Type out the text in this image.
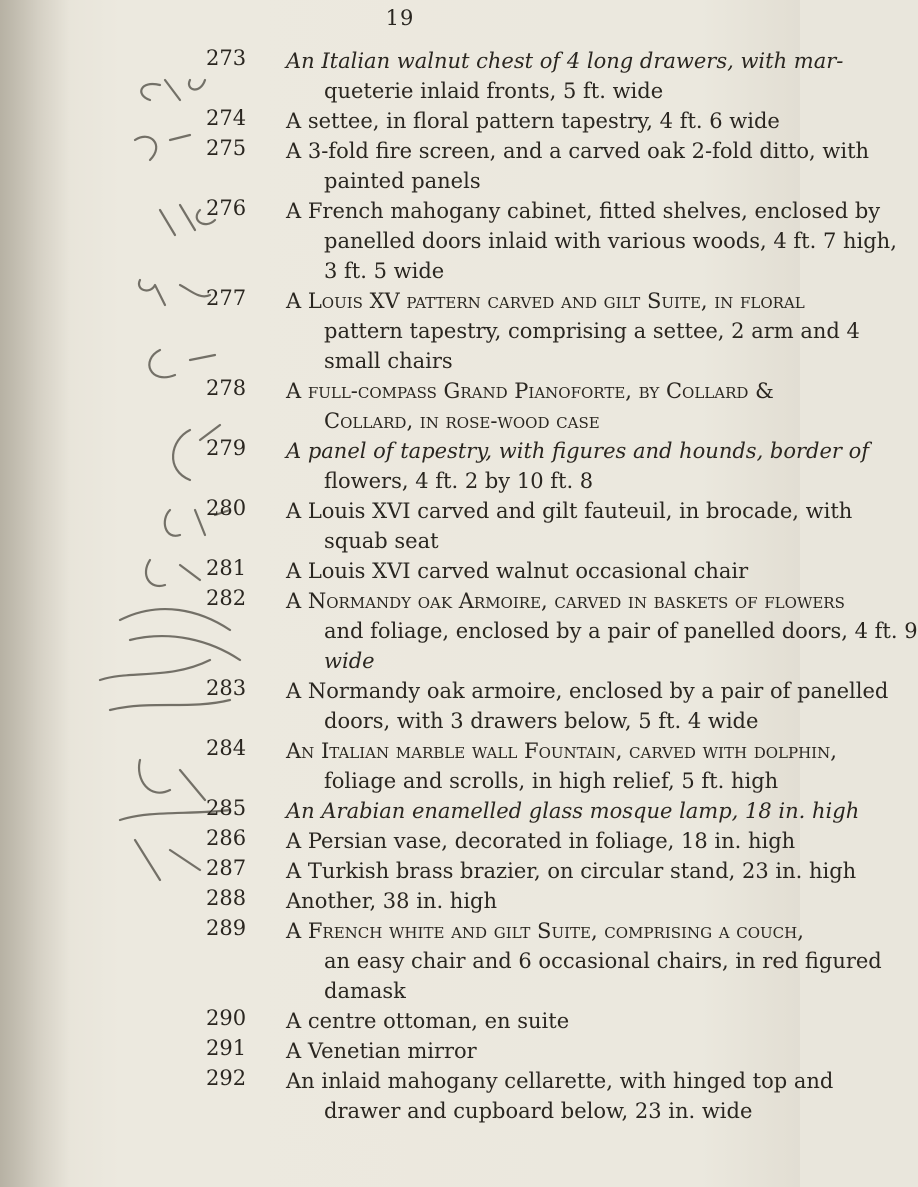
19
273	An Italian walnut chest of 4 long drawers, with mar-
queterie inlaid fronts, 5 ft. wide
274	A settee, in floral pattern tapestry, 4 ft. 6 wide
275	A 3-fold fire screen, and a carved oak 2-fold ditto, with
painted panels
276	A French mahogany cabinet, fitted shelves, enclosed by
panelled doors inlaid with various woods, 4 ft. 7 high,
3 ft. 5 wide
277	A Louis XV pattern carved and gilt Suite, in floral
pattern tapestry, comprising a settee, 2 arm and 4
small chairs
278	A full-compass Grand Pianoforte, by Collard &
Collard, in rose-wood case
279	A panel of tapestry, with figures and hounds, border of
flowers, 4 ft. 2 by 10 ft. 8
280	A Louis XVI carved and gilt fauteuil, in brocade, with
squab seat
281	A Louis XVI carved walnut occasional chair
282	A Normandy oak Armoire, carved in baskets of flowers
and foliage, enclosed by a pair of panelled doors, 4 ft. 9
wide
283	A Normandy oak armoire, enclosed by a pair of panelled
doors, with 3 drawers below, 5 ft. 4 wide
284	An Italian marble wall Fountain, carved with dolphin,
foliage and scrolls, in high relief, 5 ft. high
285	An Arabian enamelled glass mosque lamp, 18 in. high
286	A Persian vase, decorated in foliage, 18 in. high
287	A Turkish brass brazier, on circular stand, 23 in. high
288	Another, 38 in. high
289	A French white and gilt Suite, comprising a couch,
an easy chair and 6 occasional chairs, in red figured
damask
290	A centre ottoman, en suite
291	A Venetian mirror
292	An inlaid mahogany cellarette, with hinged top and
drawer and cupboard below, 23 in. wide
